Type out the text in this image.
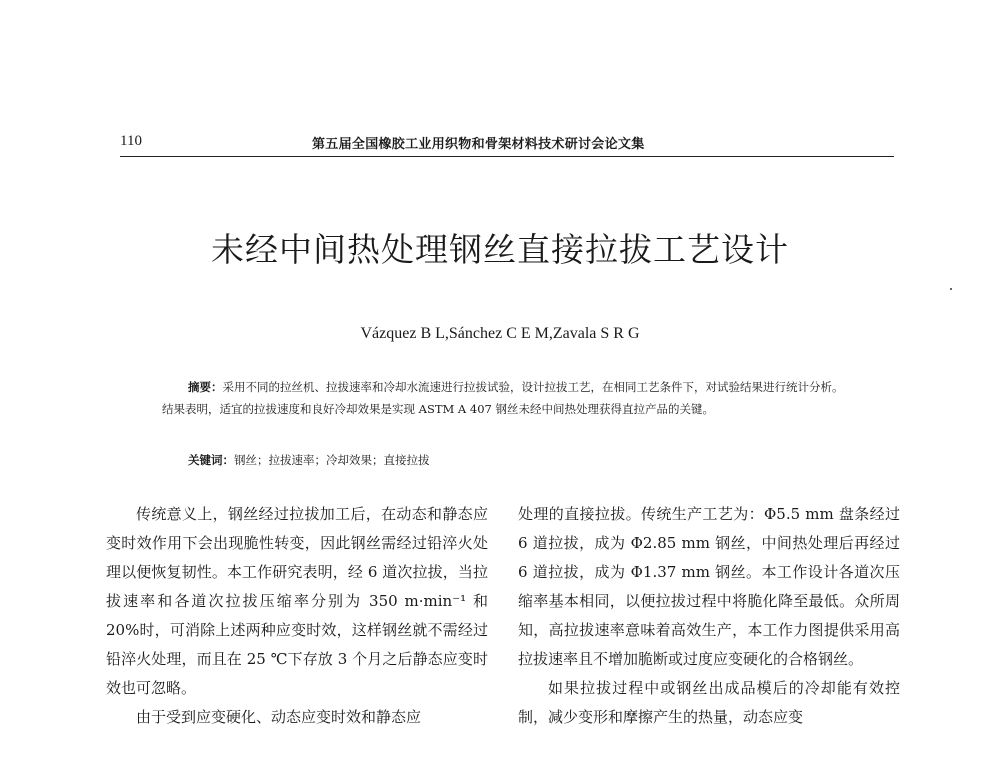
110	第五届全国橡胶工业用织物和骨架材料技术研讨会论文集
未经中间热处理钢丝直接拉拔工艺设计
Vázquez B L,Sánchez C E M,Zavala S R G
摘要：采用不同的拉丝机、拉拔速率和冷却水流速进行拉拔试验，设计拉拔工艺，在相同工艺条件下，对试验结果进行统计分析。结果表明，适宜的拉拔速度和良好冷却效果是实现 ASTM A 407 钢丝未经中间热处理获得直拉产品的关键。
关键词：钢丝；拉拔速率；冷却效果；直接拉拔

传统意义上，钢丝经过拉拔加工后，在动态和静态应变时效作用下会出现脆性转变，因此钢丝需经过铅淬火处理以便恢复韧性。本工作研究表明，经 6 道次拉拔，当拉拔速率和各道次拉拔压缩率分别为 350 m·min⁻¹ 和 20%时，可消除上述两种应变时效，这样钢丝就不需经过铅淬火处理，而且在 25 ℃下存放 3 个月之后静态应变时效也可忽略。

由于受到应变硬化、动态应变时效和静态应

处理的直接拉拔。传统生产工艺为：Φ5.5 mm 盘条经过 6 道拉拔，成为 Φ2.85 mm 钢丝，中间热处理后再经过 6 道拉拔，成为 Φ1.37 mm 钢丝。本工作设计各道次压缩率基本相同，以便拉拔过程中将脆化降至最低。众所周知，高拉拔速率意味着高效生产，本工作力图提供采用高拉拔速率且不增加脆断或过度应变硬化的合格钢丝。

如果拉拔过程中或钢丝出成品模后的冷却能有效控制，减少变形和摩擦产生的热量，动态应变
